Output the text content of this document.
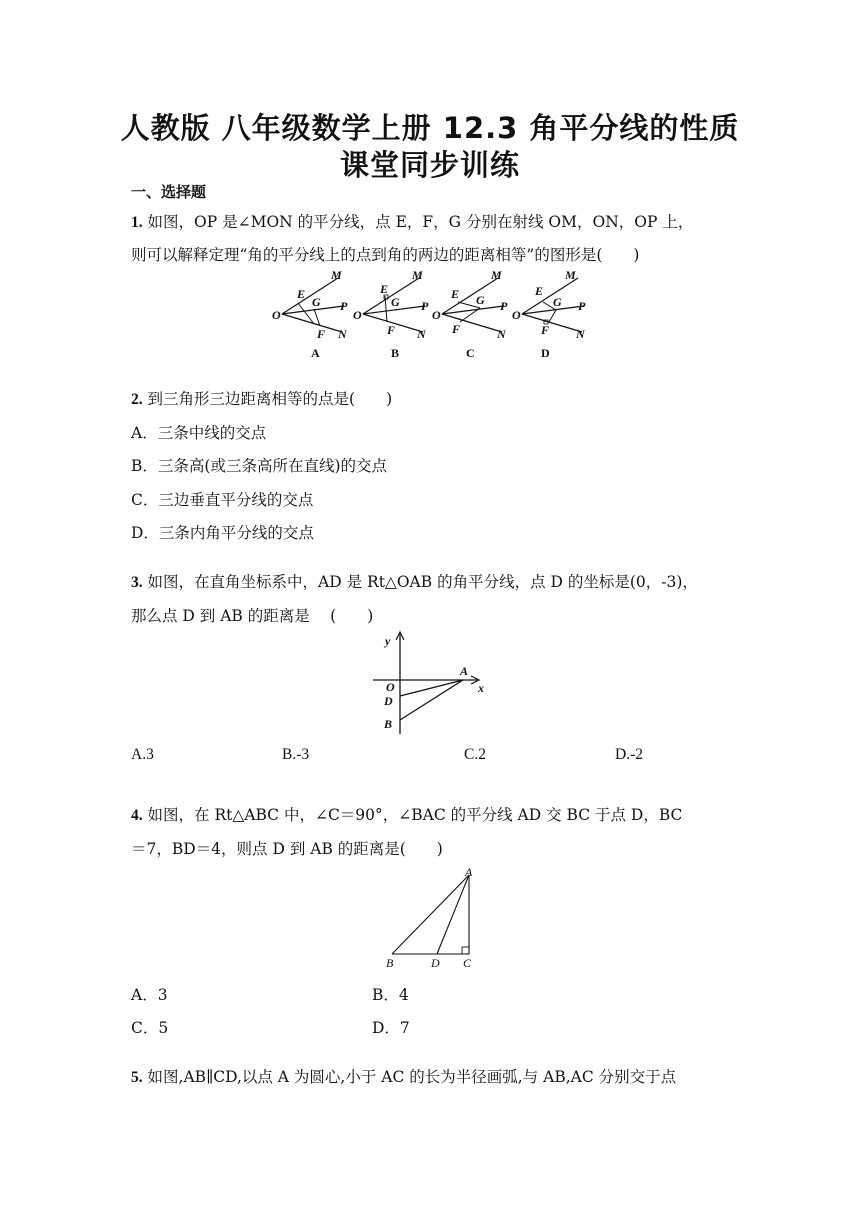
人教版 八年级数学上册 12.3 角平分线的性质
课堂同步训练
一、选择题
1. 如图，OP 是∠MON 的平分线，点 E，F，G 分别在射线 OM，ON，OP 上，
则可以解释定理“角的平分线上的点到角的两边的距离相等”的图形是(　　)
M
E
G
O
P
F N
A
M
E
G
O
P
F N
B
M
E G
O
P
F	N
C
M
E
G
O
P
F N
D
2. 到三角形三边距离相等的点是(　　)
A．三条中线的交点
B．三条高(或三条高所在直线)的交点
C．三边垂直平分线的交点
D．三条内角平分线的交点
3. 如图，在直角坐标系中，AD 是 Rt△OAB 的角平分线，点 D 的坐标是(0，-3)，
那么点 D 到 AB 的距离是　 (　　)
y
x
A
O
D
B
A.3	B.-3	C.2	D.-2
4. 如图，在 Rt△ABC 中，∠C＝90°，∠BAC 的平分线 AD 交 BC 于点 D，BC
＝7，BD＝4，则点 D 到 AB 的距离是(　　)
A
B	D C
A．3	B．4
C．5	D．7
5. 如图,AB∥CD,以点 A 为圆心,小于 AC 的长为半径画弧,与 AB,AC 分别交于点
